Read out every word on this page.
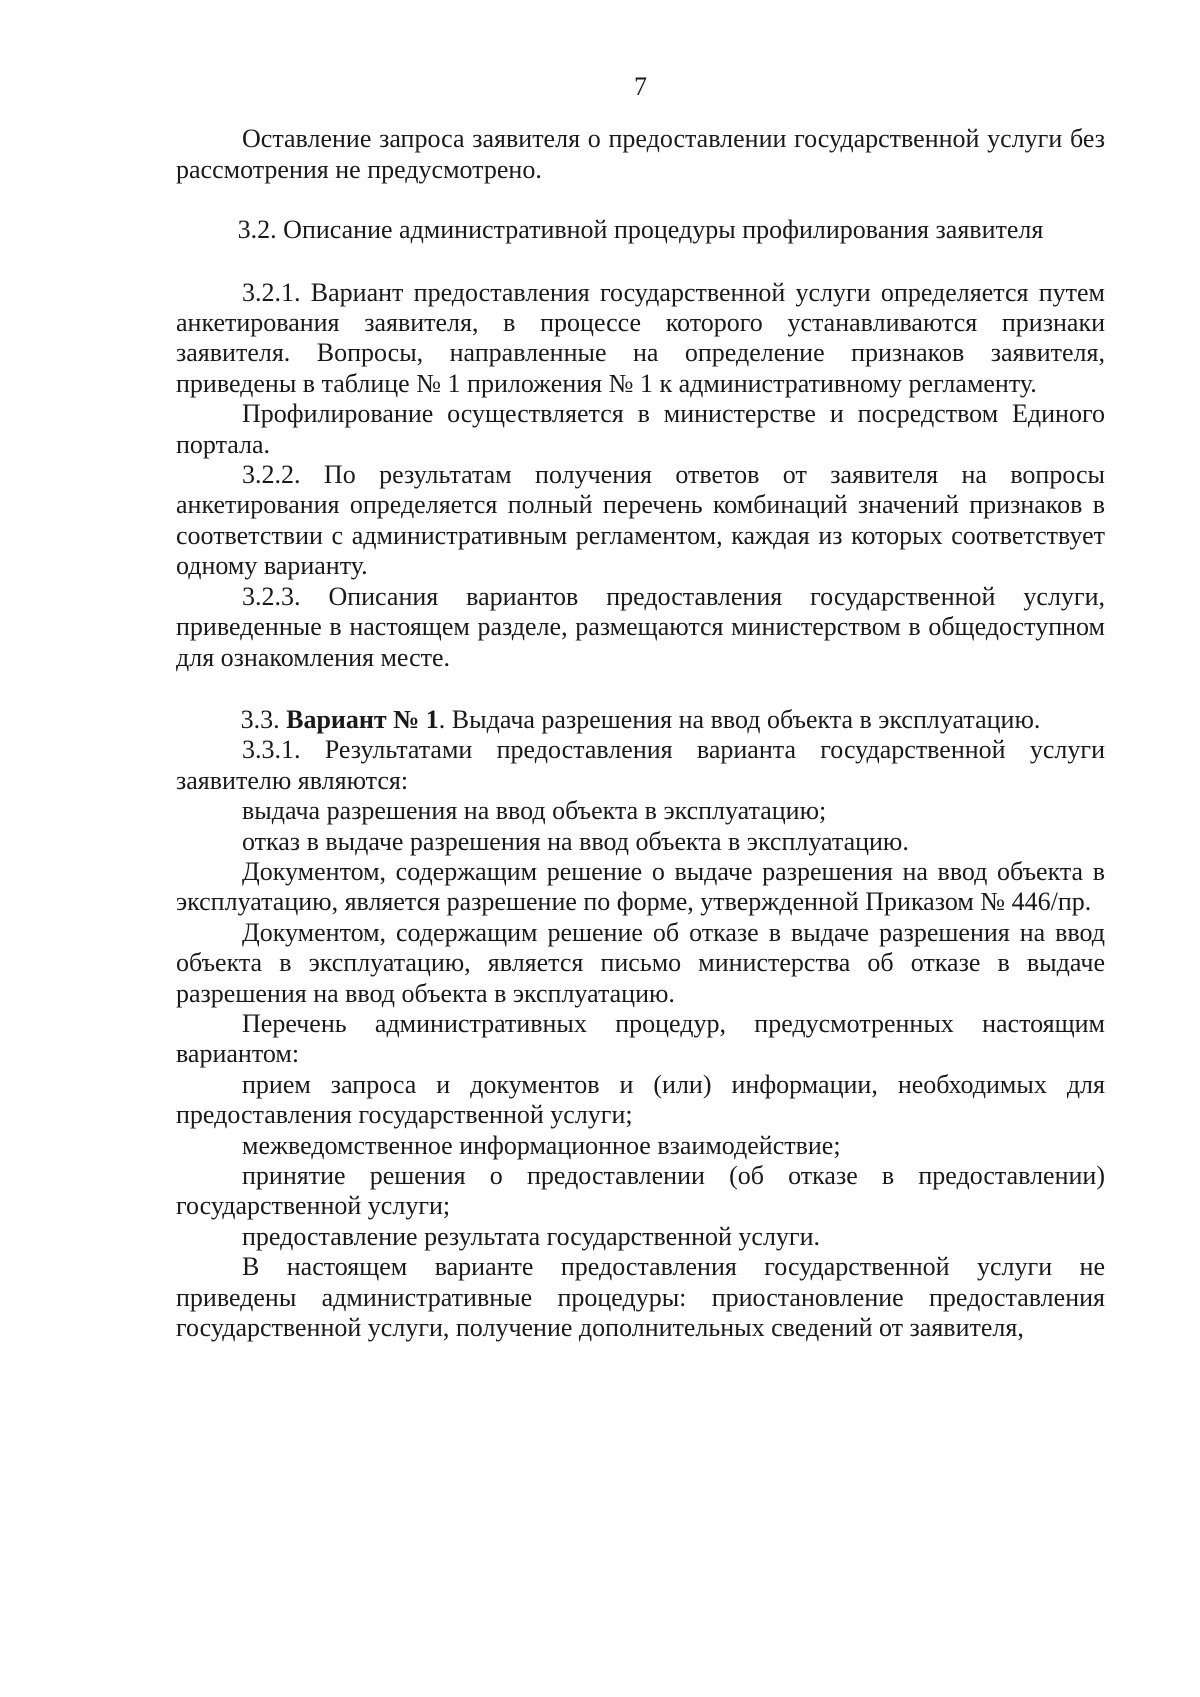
7

Оставление запроса заявителя о предоставлении государственной услуги без рассмотрения не предусмотрено.

3.2. Описание административной процедуры профилирования заявителя

3.2.1. Вариант предоставления государственной услуги определяется путем анкетирования заявителя, в процессе которого устанавливаются признаки заявителя. Вопросы, направленные на определение признаков заявителя, приведены в таблице № 1 приложения № 1 к административному регламенту.

Профилирование осуществляется в министерстве и посредством Единого портала.

3.2.2. По результатам получения ответов от заявителя на вопросы анкетирования определяется полный перечень комбинаций значений признаков в соответствии с административным регламентом, каждая из которых соответствует одному варианту.

3.2.3. Описания вариантов предоставления государственной услуги, приведенные в настоящем разделе, размещаются министерством в общедоступном для ознакомления месте.

3.3. Вариант № 1. Выдача разрешения на ввод объекта в эксплуатацию.

3.3.1. Результатами предоставления варианта государственной услуги заявителю являются:

выдача разрешения на ввод объекта в эксплуатацию;

отказ в выдаче разрешения на ввод объекта в эксплуатацию.

Документом, содержащим решение о выдаче разрешения на ввод объекта в эксплуатацию, является разрешение по форме, утвержденной Приказом № 446/пр.

Документом, содержащим решение об отказе в выдаче разрешения на ввод объекта в эксплуатацию, является письмо министерства об отказе в выдаче разрешения на ввод объекта в эксплуатацию.

Перечень административных процедур, предусмотренных настоящим вариантом:

прием запроса и документов и (или) информации, необходимых для предоставления государственной услуги;

межведомственное информационное взаимодействие;

принятие решения о предоставлении (об отказе в предоставлении) государственной услуги;

предоставление результата государственной услуги.

В настоящем варианте предоставления государственной услуги не приведены административные процедуры: приостановление предоставления государственной услуги, получение дополнительных сведений от заявителя,
